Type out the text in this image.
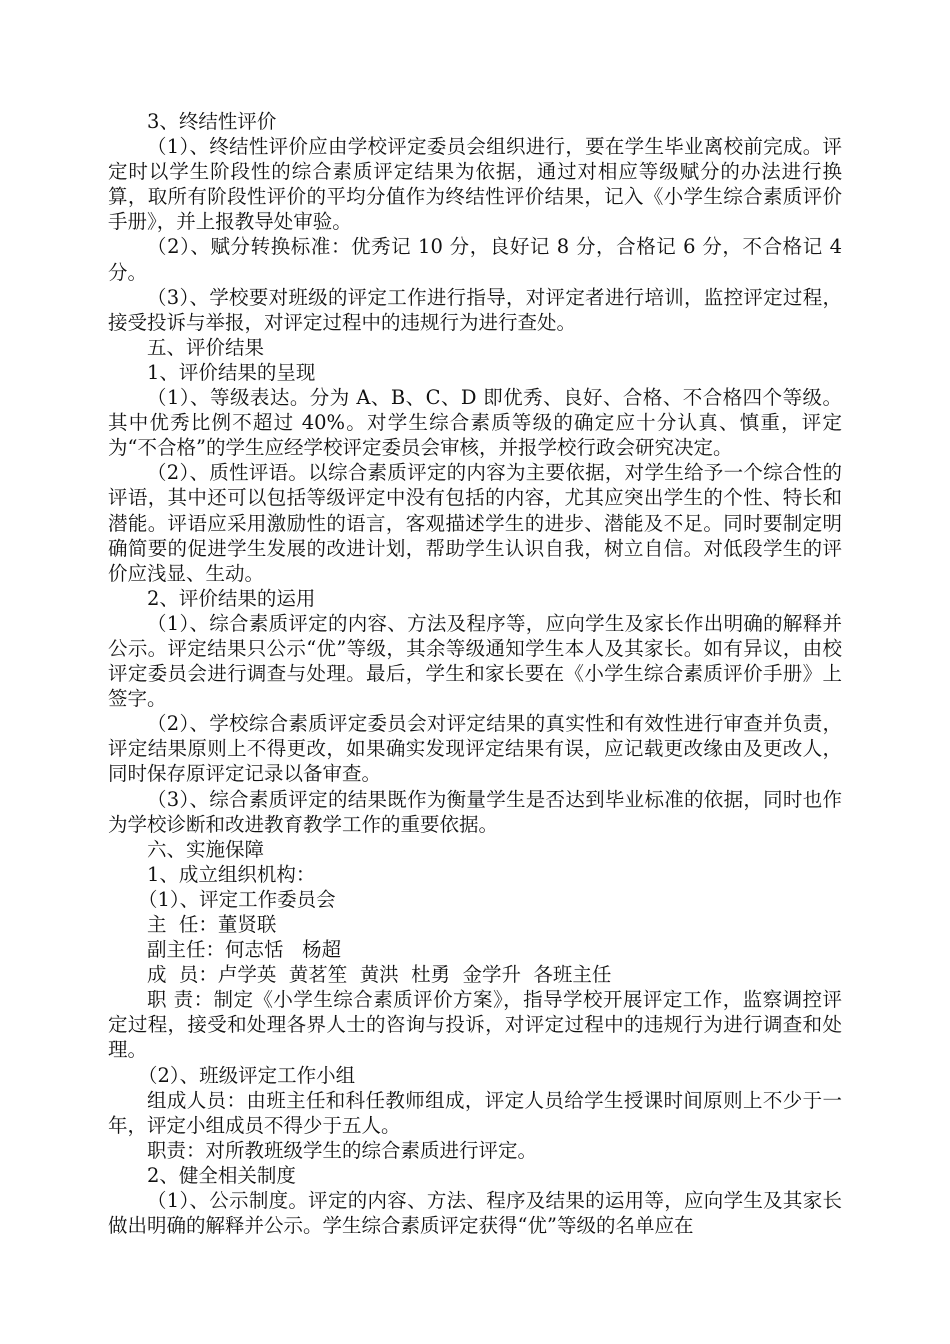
3、终结性评价

（1）、终结性评价应由学校评定委员会组织进行，要在学生毕业离校前完成。评定时以学生阶段性的综合素质评定结果为依据，通过对相应等级赋分的办法进行换算，取所有阶段性评价的平均分值作为终结性评价结果，记入《小学生综合素质评价手册》，并上报教导处审验。

（2）、赋分转换标准：优秀记 10 分，良好记 8 分，合格记 6 分，不合格记 4 分。

（3）、学校要对班级的评定工作进行指导，对评定者进行培训，监控评定过程，接受投诉与举报，对评定过程中的违规行为进行查处。

五、评价结果

1、评价结果的呈现

（1）、等级表达。分为 A、B、C、D 即优秀、良好、合格、不合格四个等级。其中优秀比例不超过 40%。对学生综合素质等级的确定应十分认真、慎重，评定为“不合格”的学生应经学校评定委员会审核，并报学校行政会研究决定。

（2）、质性评语。以综合素质评定的内容为主要依据，对学生给予一个综合性的评语，其中还可以包括等级评定中没有包括的内容，尤其应突出学生的个性、特长和潜能。评语应采用激励性的语言，客观描述学生的进步、潜能及不足。同时要制定明确简要的促进学生发展的改进计划，帮助学生认识自我，树立自信。对低段学生的评价应浅显、生动。

2、评价结果的运用

（1）、综合素质评定的内容、方法及程序等，应向学生及家长作出明确的解释并公示。评定结果只公示“优”等级，其余等级通知学生本人及其家长。如有异议，由校评定委员会进行调查与处理。最后，学生和家长要在《小学生综合素质评价手册》上签字。

（2）、学校综合素质评定委员会对评定结果的真实性和有效性进行审查并负责，评定结果原则上不得更改，如果确实发现评定结果有误，应记载更改缘由及更改人，同时保存原评定记录以备审查。

（3）、综合素质评定的结果既作为衡量学生是否达到毕业标准的依据，同时也作为学校诊断和改进教育教学工作的重要依据。

六、实施保障

1、成立组织机构：

（1）、评定工作委员会

主  任：董贤联

副主任：何志恬   杨超

成  员：卢学英  黄茗笙  黄洪  杜勇  金学升  各班主任

职 责：制定《小学生综合素质评价方案》，指导学校开展评定工作，监察调控评定过程，接受和处理各界人士的咨询与投诉，对评定过程中的违规行为进行调查和处理。

（2）、班级评定工作小组

组成人员：由班主任和科任教师组成，评定人员给学生授课时间原则上不少于一年，评定小组成员不得少于五人。

职责：对所教班级学生的综合素质进行评定。

2、健全相关制度

（1）、公示制度。评定的内容、方法、程序及结果的运用等，应向学生及其家长做出明确的解释并公示。学生综合素质评定获得“优”等级的名单应在
